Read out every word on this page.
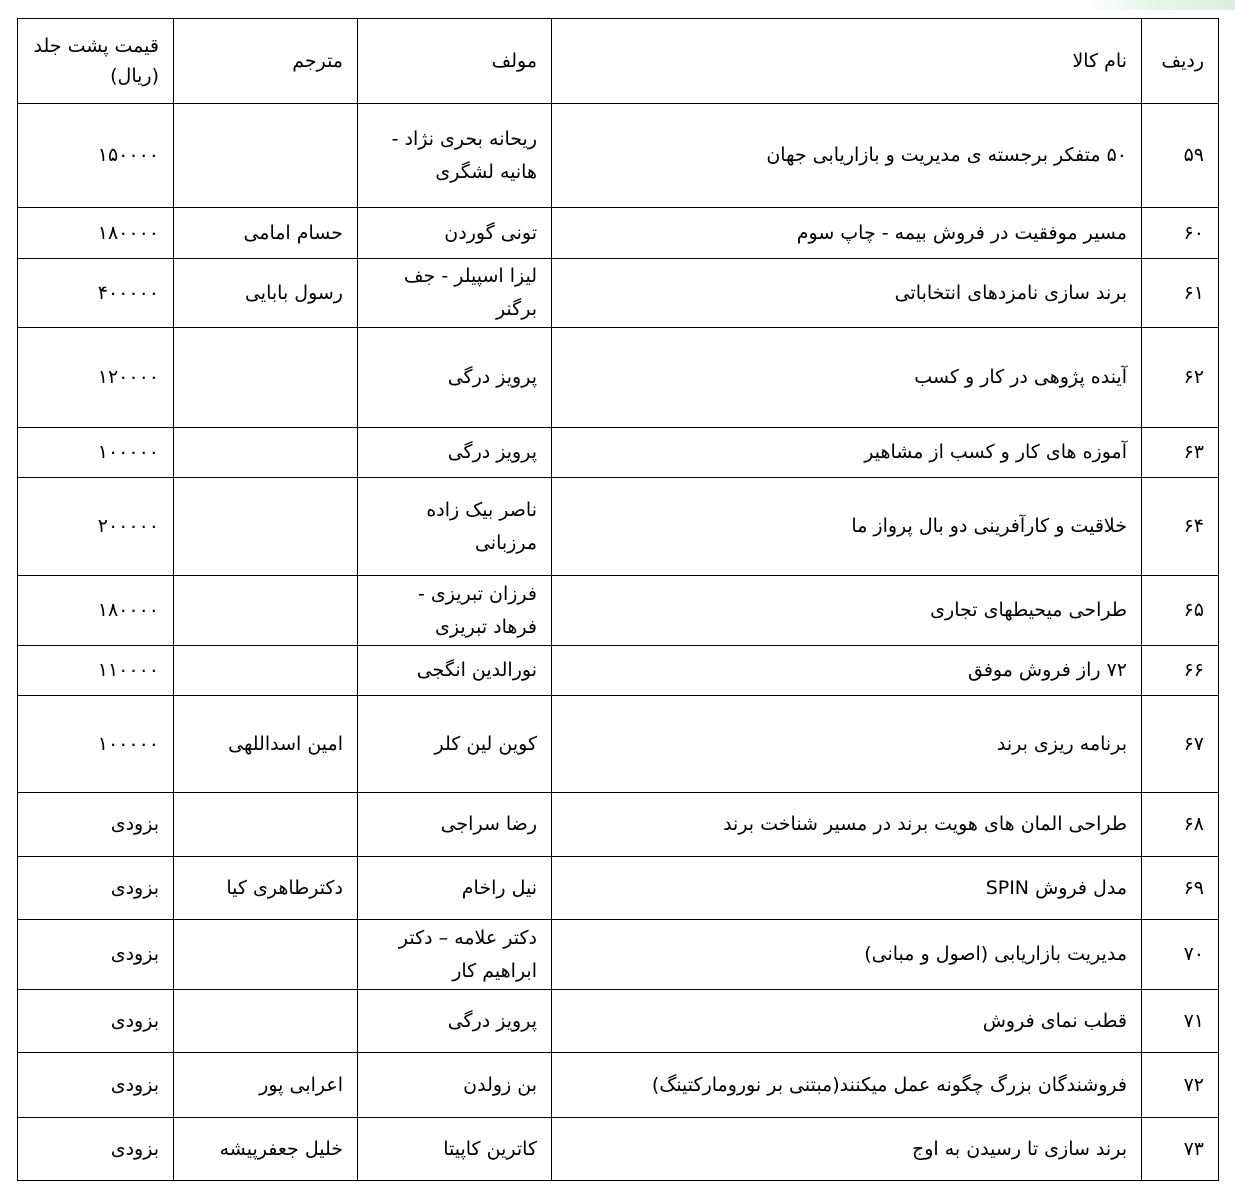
ردیف	نام کالا	مولف	مترجم	قیمت پشت جلد (ریال)
۵۹	۵۰ متفکر برجسته ی مدیریت و بازاریابی جهان	ریحانه بحری نژاد - هانیه لشگری		۱۵۰۰۰۰
۶۰	مسیر موفقیت در فروش بیمه - چاپ سوم	تونی گوردن	حسام امامی	۱۸۰۰۰۰
۶۱	برند سازی نامزدهای انتخاباتی	لیزا اسپیلر - جف برگنر	رسول بابایی	۴۰۰۰۰۰
۶۲	آینده پژوهی در کار و کسب	پرویز درگی		۱۲۰۰۰۰
۶۳	آموزه های کار و کسب از مشاهیر	پرویز درگی		۱۰۰۰۰۰
۶۴	خلاقیت و کارآفرینی دو بال پرواز ما	ناصر بیک زاده مرزبانی		۲۰۰۰۰۰
۶۵	طراحی میحیطهای تجاری	فرزان تبریزی - فرهاد تبریزی		۱۸۰۰۰۰
۶۶	۷۲ راز فروش موفق	نورالدین انگجی		۱۱۰۰۰۰
۶۷	برنامه ریزی برند	کوین لین کلر	امین اسداللهی	۱۰۰۰۰۰
۶۸	طراحی المان های هویت برند در مسیر شناخت برند	رضا سراجی		بزودی
۶۹	مدل فروش SPIN	نیل راخام	دکترطاهری کیا	بزودی
۷۰	مدیریت بازاریابی (اصول و مبانی)	دکتر علامه – دکتر ابراهیم کار		بزودی
۷۱	قطب نمای فروش	پرویز درگی		بزودی
۷۲	فروشندگان بزرگ چگونه عمل میکنند(مبتنی بر نورومارکتینگ)	بن زولدن	اعرابی پور	بزودی
۷۳	برند سازی تا رسیدن به اوج	کاترین کاپیتا	خلیل جعفرپیشه	بزودی
